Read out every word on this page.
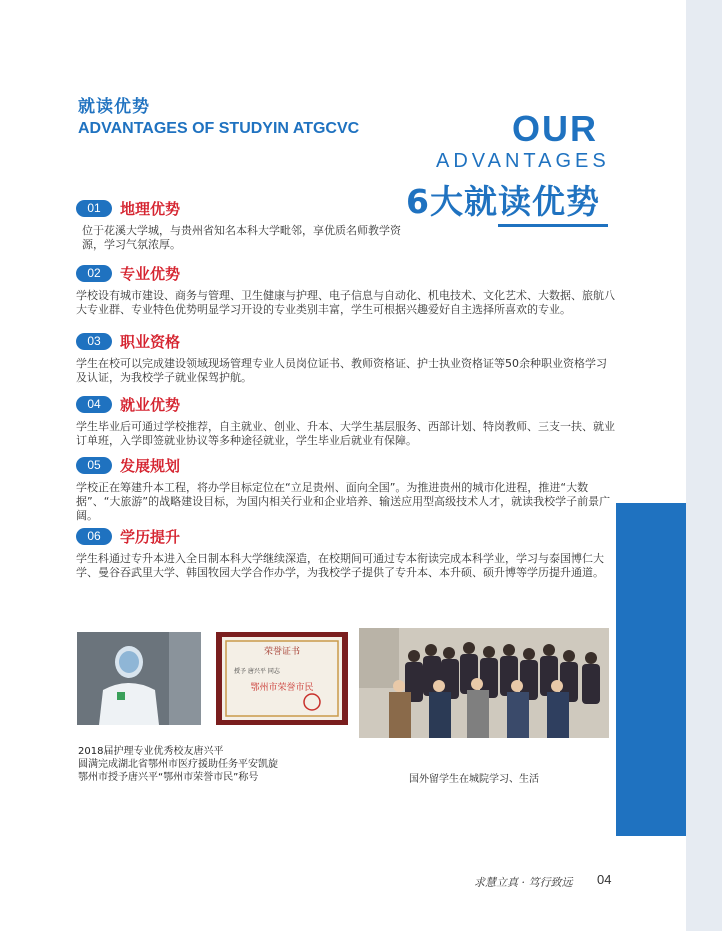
就读优势
ADVANTAGES OF STUDYIN ATGCVC	OUR
ADVANTAGES
6大就读优势
01	地理优势
位于花溪大学城，与贵州省知名本科大学毗邻，享优质名师教学资源，学习气氛浓厚。
02	专业优势
学校设有城市建设、商务与管理、卫生健康与护理、电子信息与自动化、机电技术、文化艺术、大数据、旅航八大专业群、专业特色优势明显学习开设的专业类别丰富，学生可根据兴趣爱好自主选择所喜欢的专业。
03	职业资格
学生在校可以完成建设领域现场管理专业人员岗位证书、教师资格证、护士执业资格证等50余种职业资格学习及认证，为我校学子就业保驾护航。
04	就业优势
学生毕业后可通过学校推荐，自主就业、创业、升本、大学生基层服务、西部计划、特岗教师、三支一扶、就业订单班，入学即签就业协议等多种途径就业，学生毕业后就业有保障。
05	发展规划
学校正在筹建升本工程，将办学目标定位在“立足贵州、面向全国”。为推进贵州的城市化进程，推进“大数据”、“大旅游”的战略建设目标，为国内相关行业和企业培养、输送应用型高级技术人才，就读我校学子前景广阔。
06	学历提升
学生科通过专升本进入全日制本科大学继续深造，在校期间可通过专本衔读完成本科学业，学习与泰国博仁大学、曼谷吞武里大学、韩国牧园大学合作办学，为我校学子提供了专升本、本升硕、硕升博等学历提升通道。
荣誉证书
授予 唐兴平 同志
鄂州市荣誉市民
2018届护理专业优秀校友唐兴平
圆满完成湖北省鄂州市医疗援助任务平安凯旋
鄂州市授予唐兴平“鄂州市荣誉市民”称号	国外留学生在城院学习、生活
求慧立真 · 笃行致远 04
